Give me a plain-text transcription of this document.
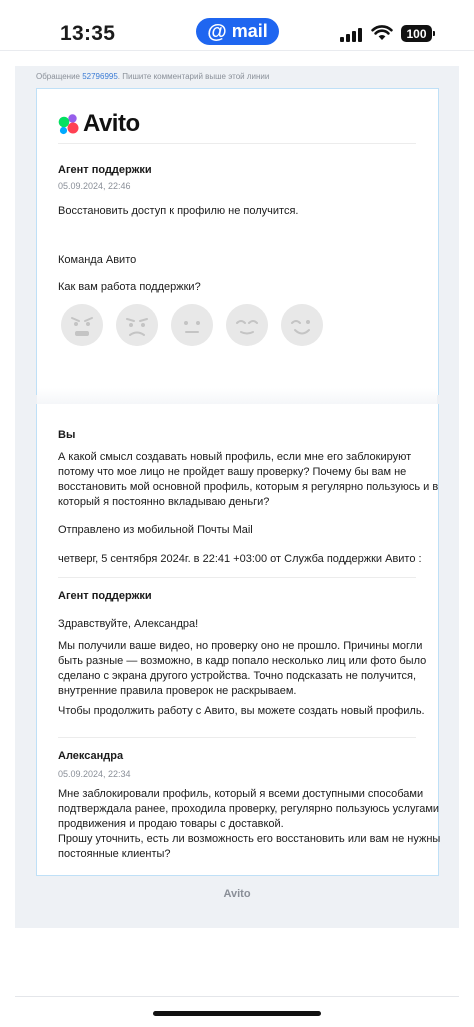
13:35	@ mail	100
Обращение 52796995. Пишите комментарий выше этой линии
Avito
Агент поддержки
05.09.2024, 22:46
Восстановить доступ к профилю не получится.
Команда Авито
Как вам работа поддержки?
Вы
А какой смысл создавать новый профиль, если мне его заблокируют
потому что мое лицо не пройдет вашу проверку? Почему бы вам не
восстановить мой основной профиль, которым я регулярно пользуюсь и в
который я постоянно вкладываю деньги?
Отправлено из мобильной Почты Mail
четверг, 5 сентября 2024г. в 22:41 +03:00 от Служба поддержки Авито :
Агент поддержки
Здравствуйте, Александра!
Мы получили ваше видео, но проверку оно не прошло. Причины могли
быть разные — возможно, в кадр попало несколько лиц или фото было
сделано с экрана другого устройства. Точно подсказать не получится,
внутренние правила проверок не раскрываем.
Чтобы продолжить работу с Авито, вы можете создать новый профиль.
Александра
05.09.2024, 22:34
Мне заблокировали профиль, который я всеми доступными способами
подтверждала ранее, проходила проверку, регулярно пользуюсь услугами
продвижения и продаю товары с доставкой.
Прошу уточнить, есть ли возможность его восстановить или вам не нужны
постоянные клиенты?
Avito
